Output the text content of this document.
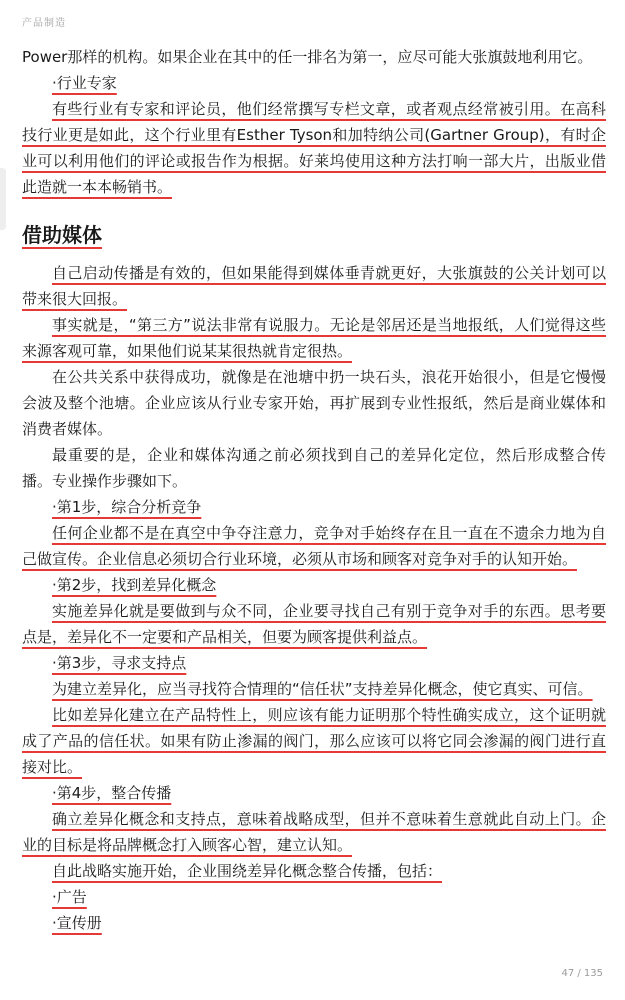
产品制造
Power那样的机构。如果企业在其中的任一排名为第一，应尽可能大张旗鼓地利用它。
·行业专家
有些行业有专家和评论员，他们经常撰写专栏文章，或者观点经常被引用。在高科技行业更是如此，这个行业里有Esther Tyson和加特纳公司(Gartner Group)，有时企业可以利用他们的评论或报告作为根据。好莱坞使用这种方法打响一部大片，出版业借此造就一本本畅销书。
借助媒体
自己启动传播是有效的，但如果能得到媒体垂青就更好，大张旗鼓的公关计划可以带来很大回报。
事实就是，“第三方”说法非常有说服力。无论是邻居还是当地报纸，人们觉得这些来源客观可靠，如果他们说某某很热就肯定很热。
在公共关系中获得成功，就像是在池塘中扔一块石头，浪花开始很小，但是它慢慢会波及整个池塘。企业应该从行业专家开始，再扩展到专业性报纸，然后是商业媒体和消费者媒体。
最重要的是，企业和媒体沟通之前必须找到自己的差异化定位，然后形成整合传播。专业操作步骤如下。
·第1步，综合分析竞争
任何企业都不是在真空中争夺注意力，竞争对手始终存在且一直在不遗余力地为自己做宣传。企业信息必须切合行业环境，必须从市场和顾客对竞争对手的认知开始。
·第2步，找到差异化概念
实施差异化就是要做到与众不同，企业要寻找自己有别于竞争对手的东西。思考要点是，差异化不一定要和产品相关，但要为顾客提供利益点。
·第3步，寻求支持点
为建立差异化，应当寻找符合情理的“信任状”支持差异化概念，使它真实、可信。
比如差异化建立在产品特性上，则应该有能力证明那个特性确实成立，这个证明就成了产品的信任状。如果有防止渗漏的阀门，那么应该可以将它同会渗漏的阀门进行直接对比。
·第4步，整合传播
确立差异化概念和支持点，意味着战略成型，但并不意味着生意就此自动上门。企业的目标是将品牌概念打入顾客心智，建立认知。
自此战略实施开始，企业围绕差异化概念整合传播，包括：
·广告
·宣传册
47 / 135
